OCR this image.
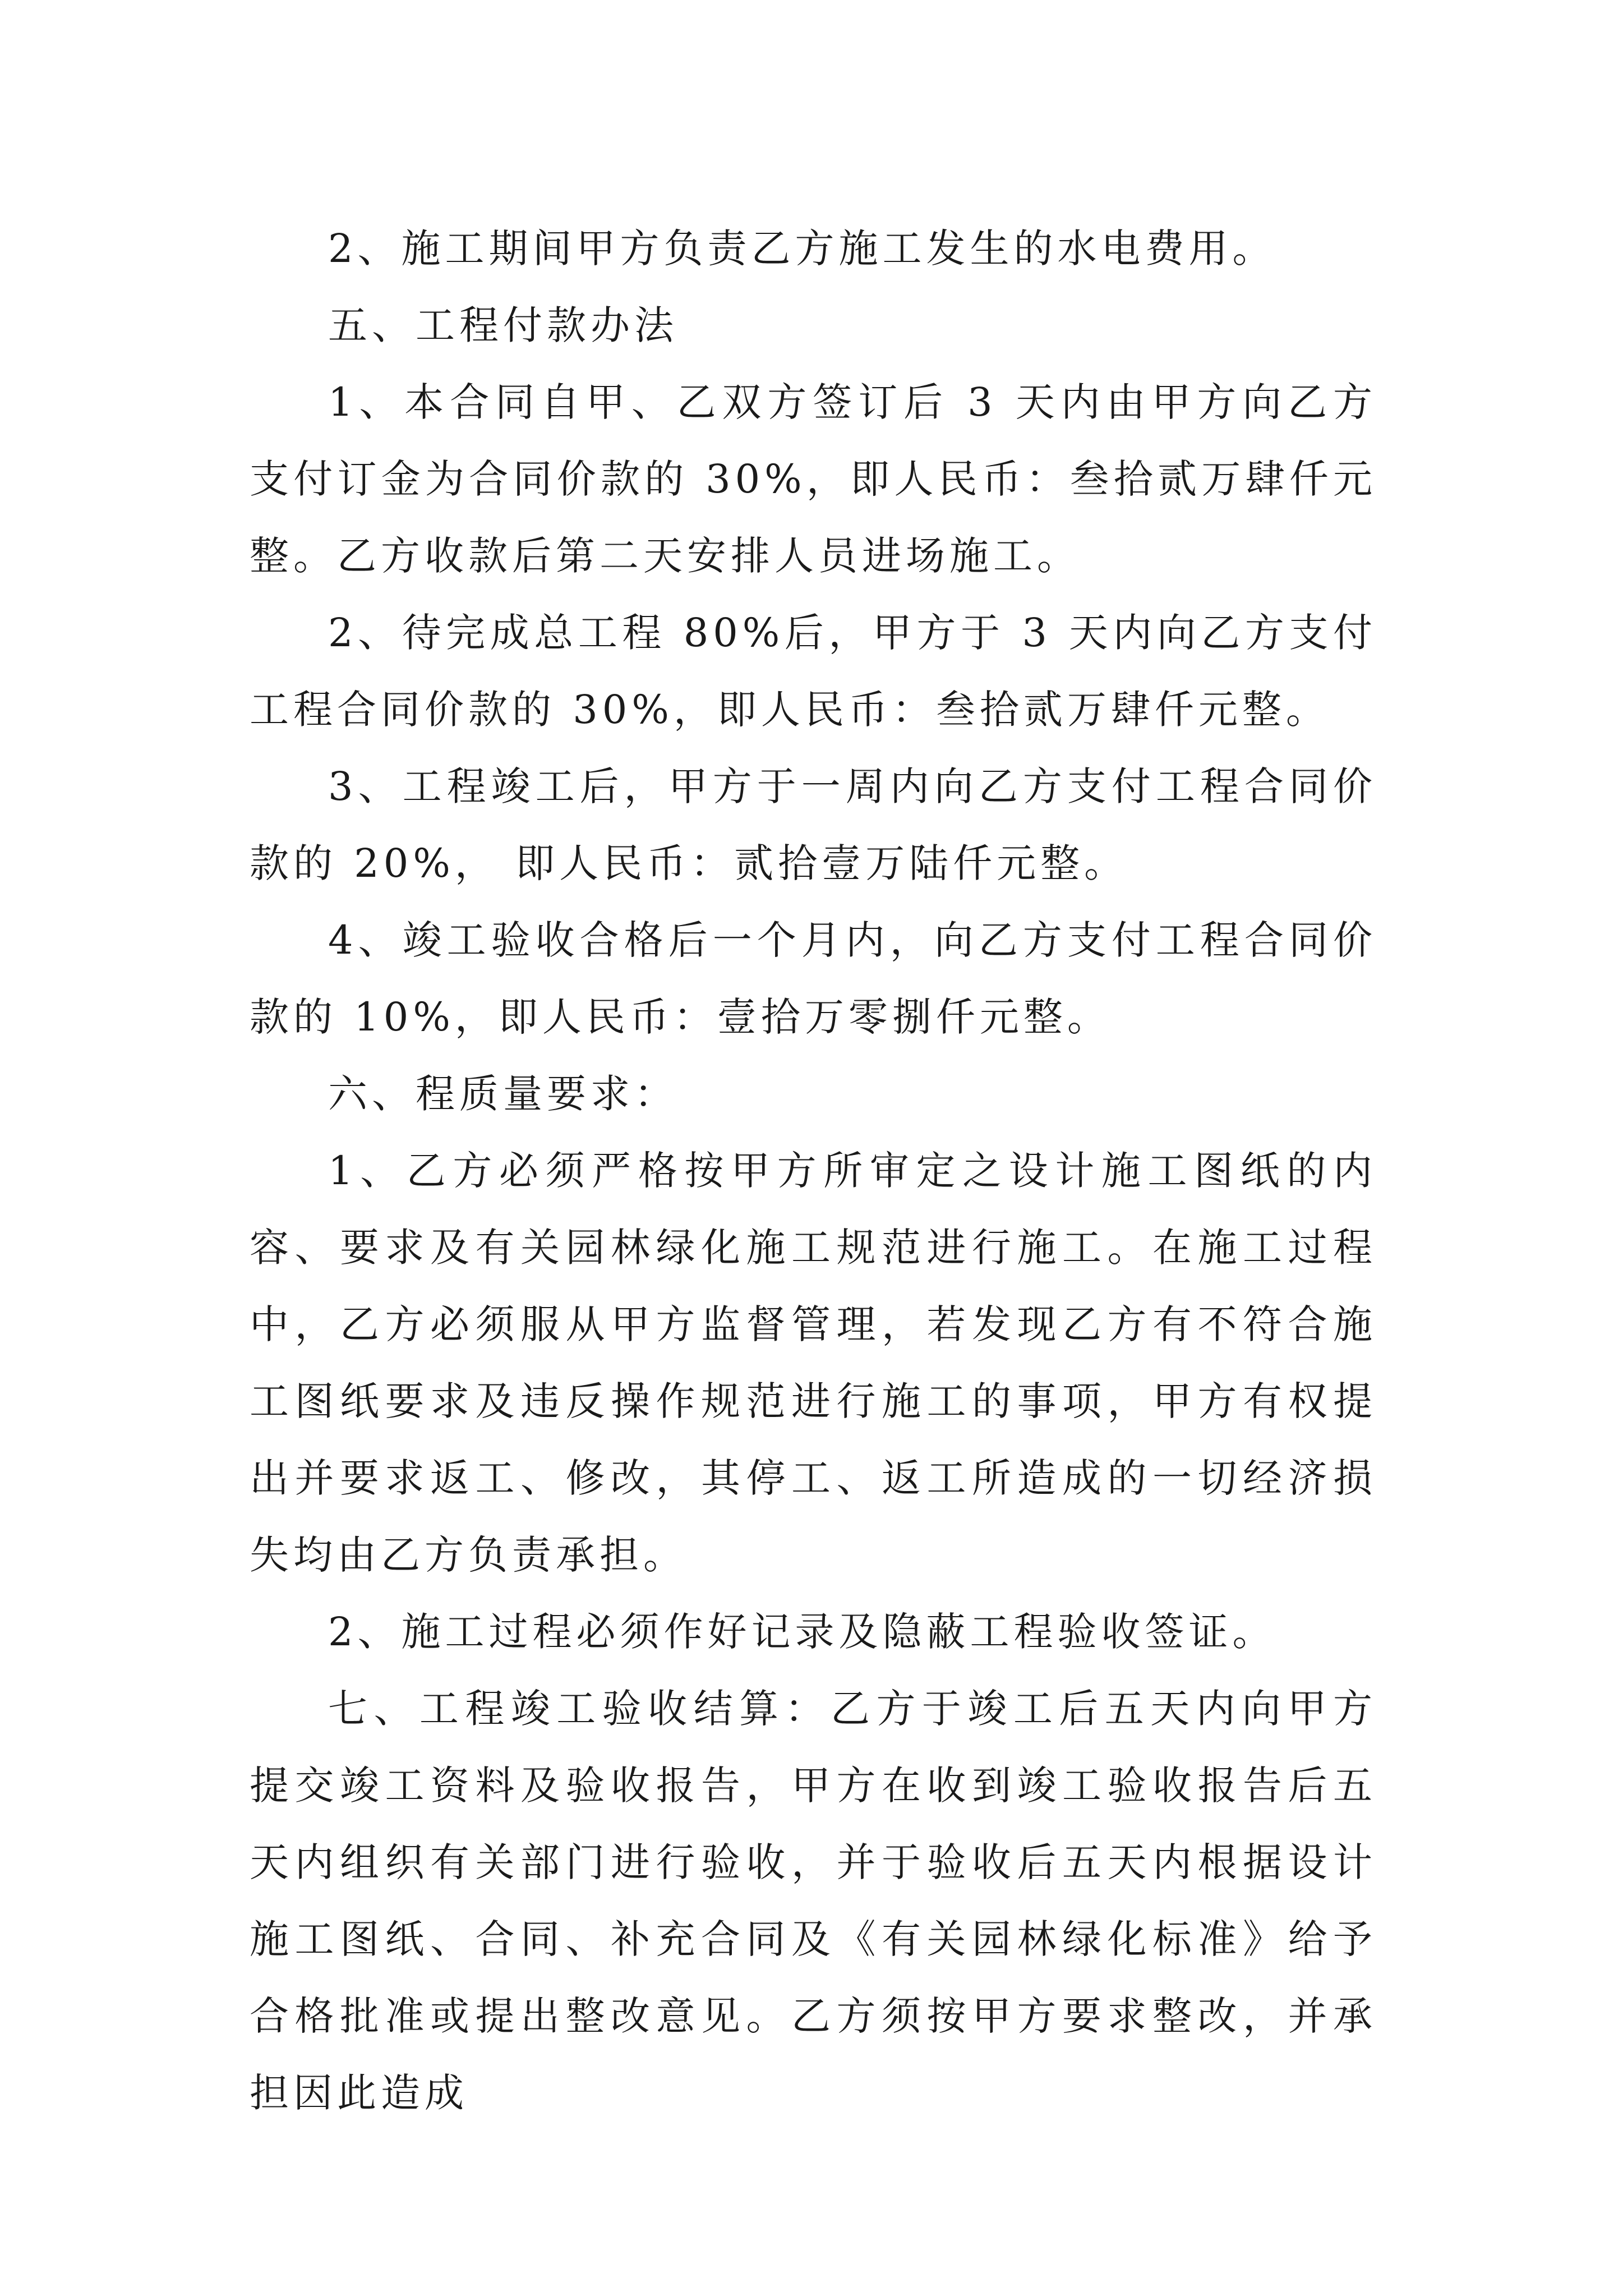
2、施工期间甲方负责乙方施工发生的水电费用。

五、工程付款办法

1、本合同自甲、乙双方签订后 3 天内由甲方向乙方支付订金为合同价款的 30%，即人民币：叁拾贰万肆仟元整。乙方收款后第二天安排人员进场施工。

2、待完成总工程 80%后，甲方于 3 天内向乙方支付工程合同价款的 30%，即人民币：叁拾贰万肆仟元整。

3、工程竣工后，甲方于一周内向乙方支付工程合同价款的 20%， 即人民币：贰拾壹万陆仟元整。

4、竣工验收合格后一个月内，向乙方支付工程合同价款的 10%，即人民币：壹拾万零捌仟元整。

六、程质量要求：

1、乙方必须严格按甲方所审定之设计施工图纸的内容、要求及有关园林绿化施工规范进行施工。在施工过程中，乙方必须服从甲方监督管理，若发现乙方有不符合施工图纸要求及违反操作规范进行施工的事项，甲方有权提出并要求返工、修改，其停工、返工所造成的一切经济损失均由乙方负责承担。

2、施工过程必须作好记录及隐蔽工程验收签证。

七、工程竣工验收结算：乙方于竣工后五天内向甲方提交竣工资料及验收报告，甲方在收到竣工验收报告后五天内组织有关部门进行验收，并于验收后五天内根据设计施工图纸、合同、补充合同及《有关园林绿化标准》给予合格批准或提出整改意见。乙方须按甲方要求整改，并承担因此造成
